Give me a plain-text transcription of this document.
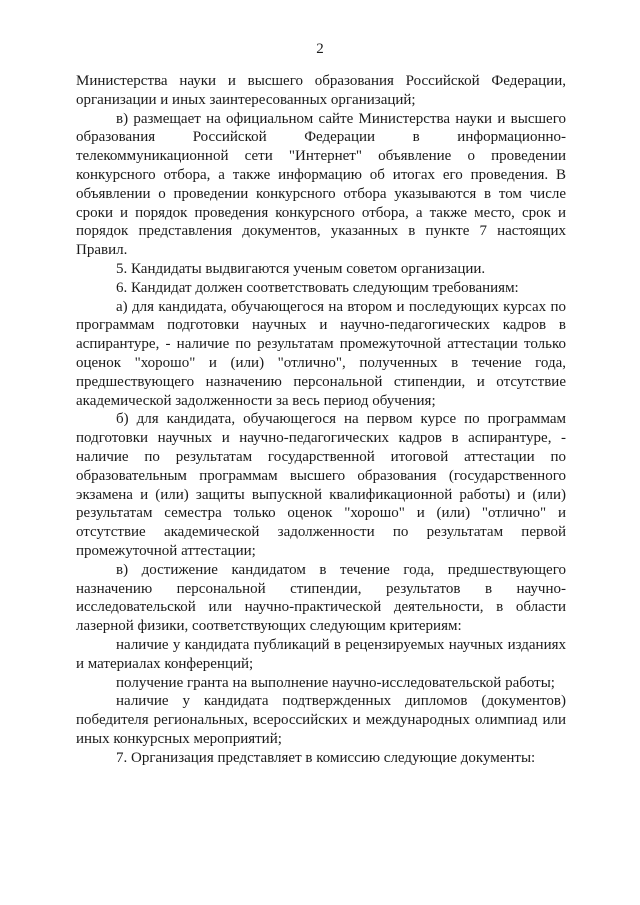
2

Министерства науки и высшего образования Российской Федерации, организации и иных заинтересованных организаций;

в) размещает на официальном сайте Министерства науки и высшего образования Российской Федерации в информационно-телекоммуникационной сети "Интернет" объявление о проведении конкурсного отбора, а также информацию об итогах его проведения. В объявлении о проведении конкурсного отбора указываются в том числе сроки и порядок проведения конкурсного отбора, а также место, срок и порядок представления документов, указанных в пункте 7 настоящих Правил.

5. Кандидаты выдвигаются ученым советом организации.

6. Кандидат должен соответствовать следующим требованиям:

а) для кандидата, обучающегося на втором и последующих курсах по программам подготовки научных и научно-педагогических кадров в аспирантуре, - наличие по результатам промежуточной аттестации только оценок "хорошо" и (или) "отлично", полученных в течение года, предшествующего назначению персональной стипендии, и отсутствие академической задолженности за весь период обучения;

б) для кандидата, обучающегося на первом курсе по программам подготовки научных и научно-педагогических кадров в аспирантуре, - наличие по результатам государственной итоговой аттестации по образовательным программам высшего образования (государственного экзамена и (или) защиты выпускной квалификационной работы) и (или) результатам семестра только оценок "хорошо" и (или) "отлично" и отсутствие академической задолженности по результатам первой промежуточной аттестации;

в) достижение кандидатом в течение года, предшествующего назначению персональной стипендии, результатов в научно-исследовательской или научно-практической деятельности, в области лазерной физики, соответствующих следующим критериям:

наличие у кандидата публикаций в рецензируемых научных изданиях и материалах конференций;

получение гранта на выполнение научно-исследовательской работы;

наличие у кандидата подтвержденных дипломов (документов) победителя региональных, всероссийских и международных олимпиад или иных конкурсных мероприятий;

7. Организация представляет в комиссию следующие документы:
